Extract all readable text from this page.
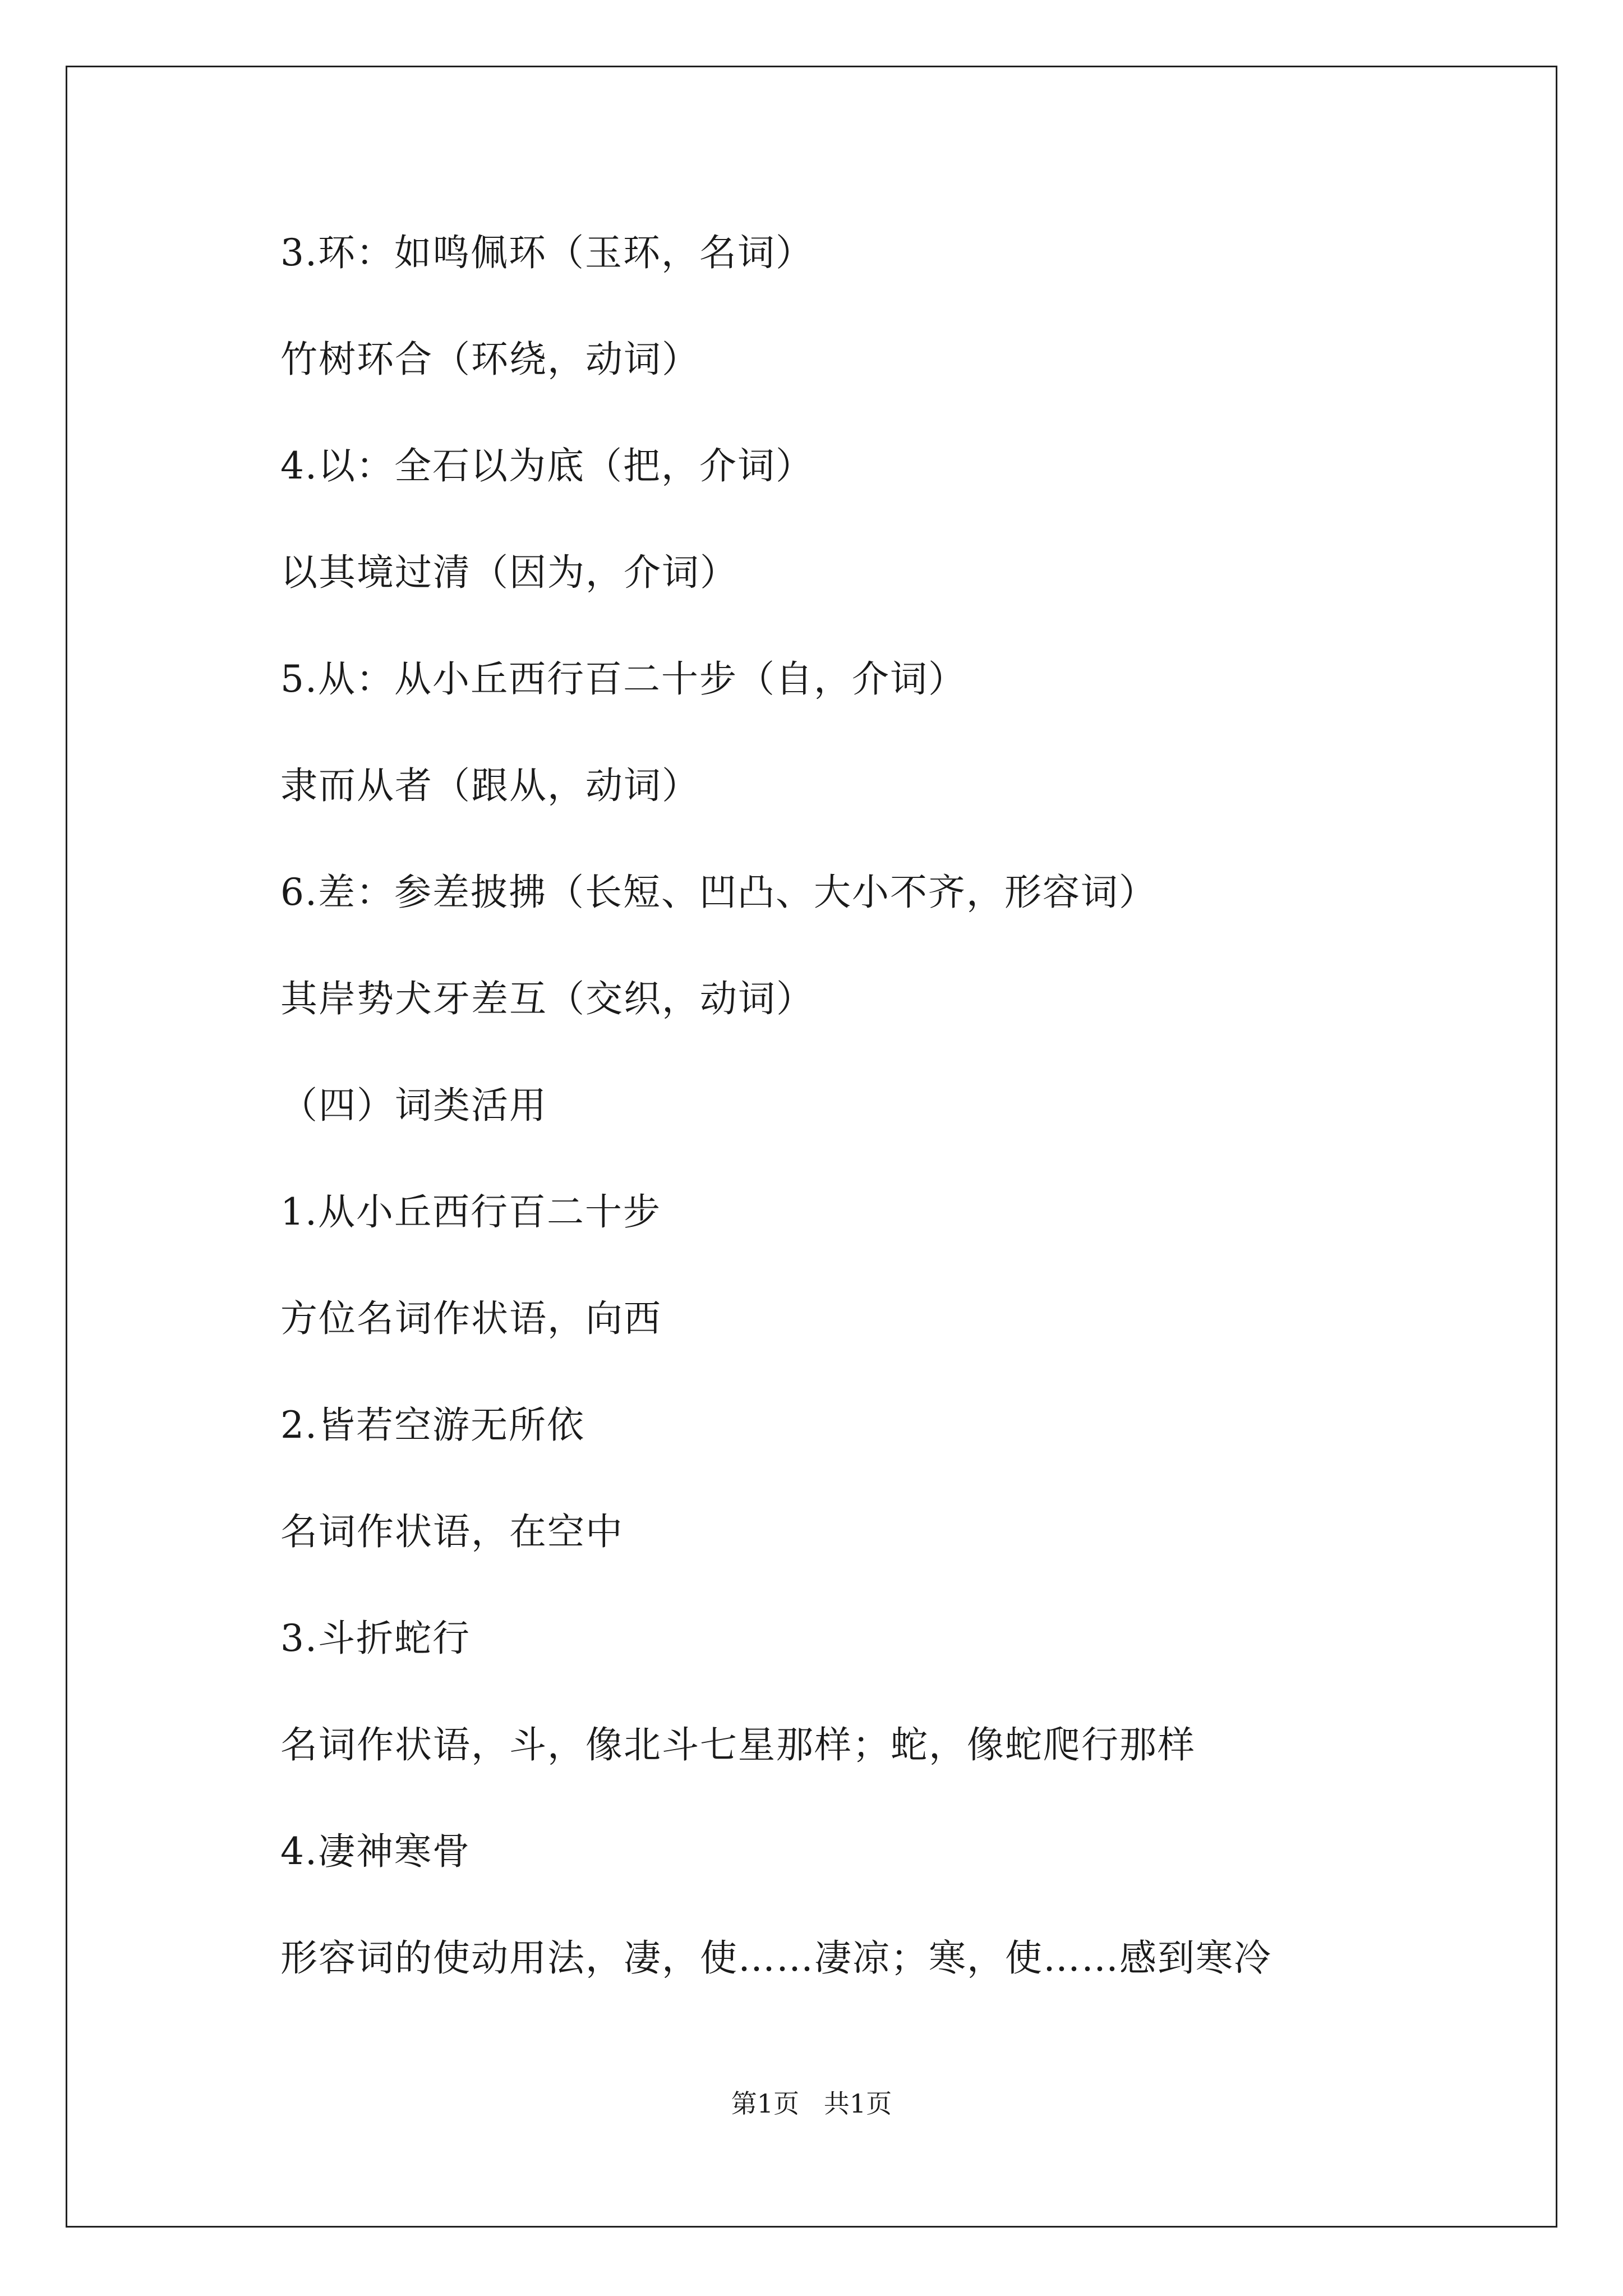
3.环：如鸣佩环（玉环，名词）
竹树环合（环绕，动词）
4.以：全石以为底（把，介词）
以其境过清（因为，介词）
5.从：从小丘西行百二十步（自，介词）
隶而从者（跟从，动词）
6.差：参差披拂（长短、凹凸、大小不齐，形容词）
其岸势犬牙差互（交织，动词）
（四）词类活用
1.从小丘西行百二十步
方位名词作状语，向西
2.皆若空游无所依
名词作状语，在空中
3.斗折蛇行
名词作状语，斗，像北斗七星那样；蛇，像蛇爬行那样
4.凄神寒骨
形容词的使动用法，凄，使……凄凉；寒，使……感到寒冷
第1页   共1页
